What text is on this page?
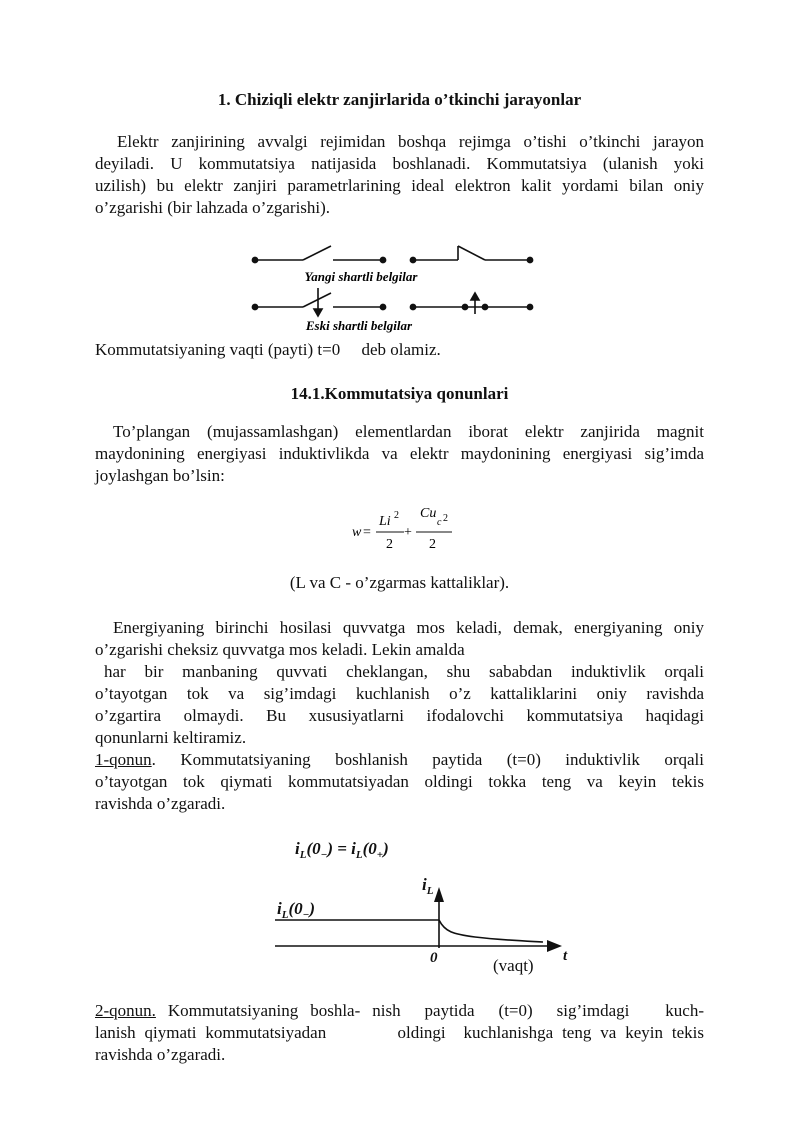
1. Chiziqli elektr zanjirlarida o’tkinchi jarayonlar

Elektr zanjirining avvalgi rejimidan boshqa rejimga o’tishi o’tkinchi jarayon
deyiladi. U kommutatsiya natijasida boshlanadi. Kommutatsiya (ulanish yoki
uzilish) bu elektr zanjiri parametrlarining ideal elektron kalit yordami bilan oniy
o’zgarishi (bir lahzada o’zgarishi).

Yangi shartli belgilar
Eski shartli belgilar

Kommutatsiyaning vaqti (payti) t=0     deb olamiz.

14.1.Kommutatsiya qonunlari

To’plangan (mujassamlashgan) elementlardan iborat elektr zanjirida magnit
maydonining energiyasi induktivlikda va elektr maydonining energiyasi sig’imda
joylashgan bo’lsin:

w =
Li 2
2
+
Cu
c 2
2
(L va C - o’zgarmas kattaliklar).

Energiyaning birinchi hosilasi quvvatga mos keladi, demak, energiyaning oniy
o’zgarishi cheksiz quvvatga mos keladi. Lekin amalda
har bir manbaning quvvati cheklangan, shu sababdan induktivlik orqali
o’tayotgan tok va sig’imdagi kuchlanish o’z kattaliklarini oniy ravishda
o’zgartira olmaydi. Bu xususiyatlarni ifodalovchi kommutatsiya haqidagi
qonunlarni keltiramiz.

1-qonun. Kommutatsiyaning boshlanish paytida (t=0) induktivlik orqali
o’tayotgan tok qiymati kommutatsiyadan oldingi tokka teng va keyin tekis
ravishda o’zgaradi.

$i_L(0_-) = i_L(0_+)$
$i_L$
$i_L(0_-)$
0	t
(vaqt)

2-qonun. Kommutatsiyaning boshla- nish  paytida  (t=0)  sig’imdagi   kuch-
lanish qiymati kommutatsiyadan        oldingi  kuchlanishga teng va keyin tekis
ravishda o’zgaradi.
